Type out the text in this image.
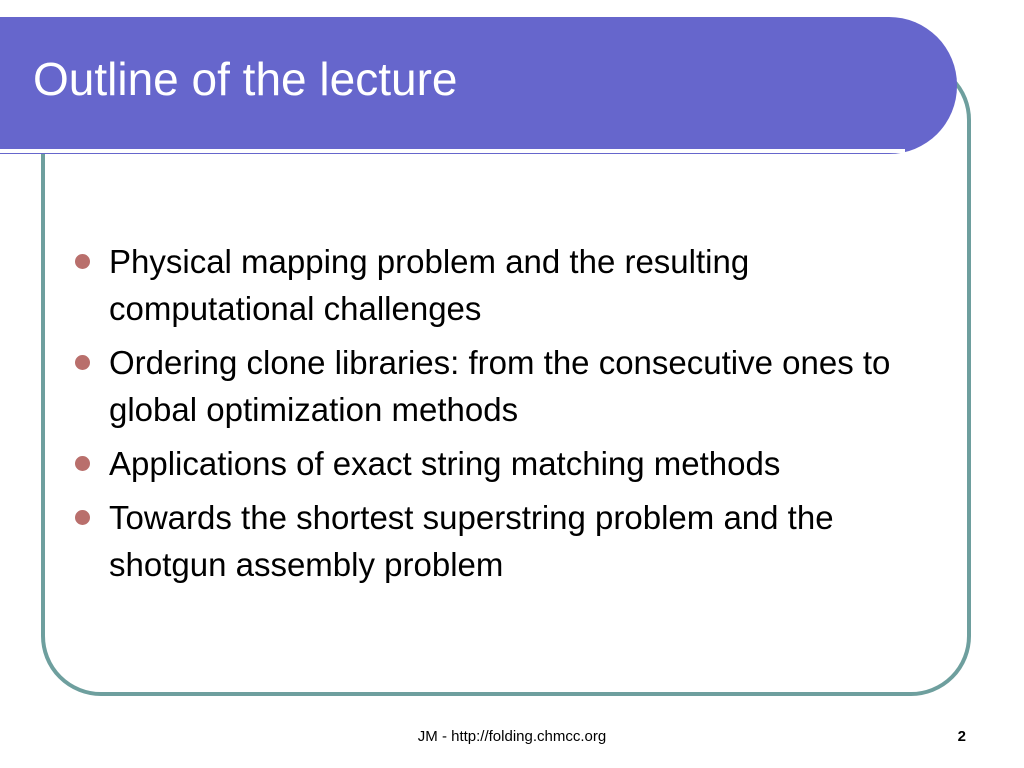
Outline of the lecture
Physical mapping problem and the resulting computational challenges
Ordering clone libraries: from the consecutive ones to global optimization methods
Applications of exact string matching methods
Towards the shortest superstring problem and the shotgun assembly problem
JM - http://folding.chmcc.org	2
